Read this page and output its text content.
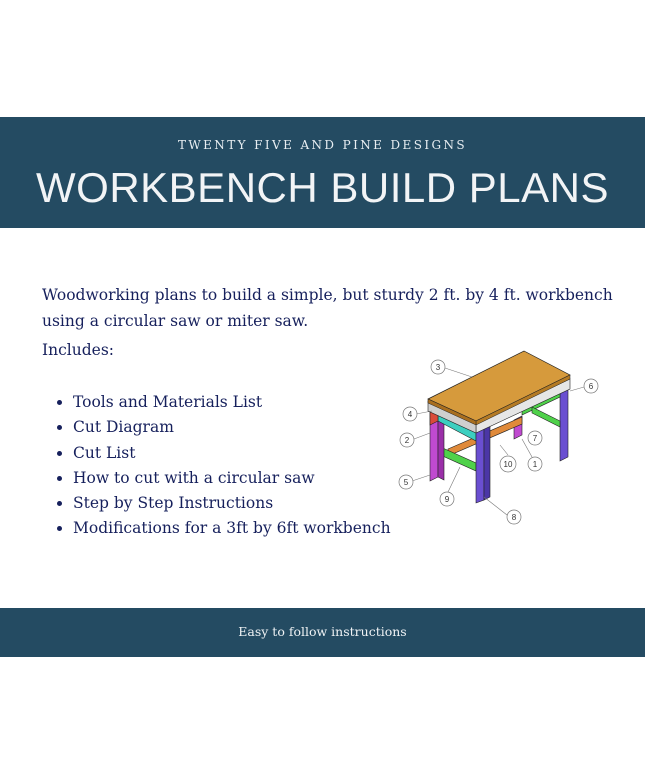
TWENTY FIVE AND PINE DESIGNS
WORKBENCH BUILD PLANS
Woodworking plans to build a simple, but sturdy 2 ft. by 4 ft. workbench using a circular saw or miter saw.
Includes:
• Tools and Materials List
• Cut Diagram
• Cut List
• How to cut with a circular saw
• Step by Step Instructions
• Modifications for a 3ft by 6ft workbench
3
6
4
2	7
10	1
5
9
8
Easy to follow instructions
